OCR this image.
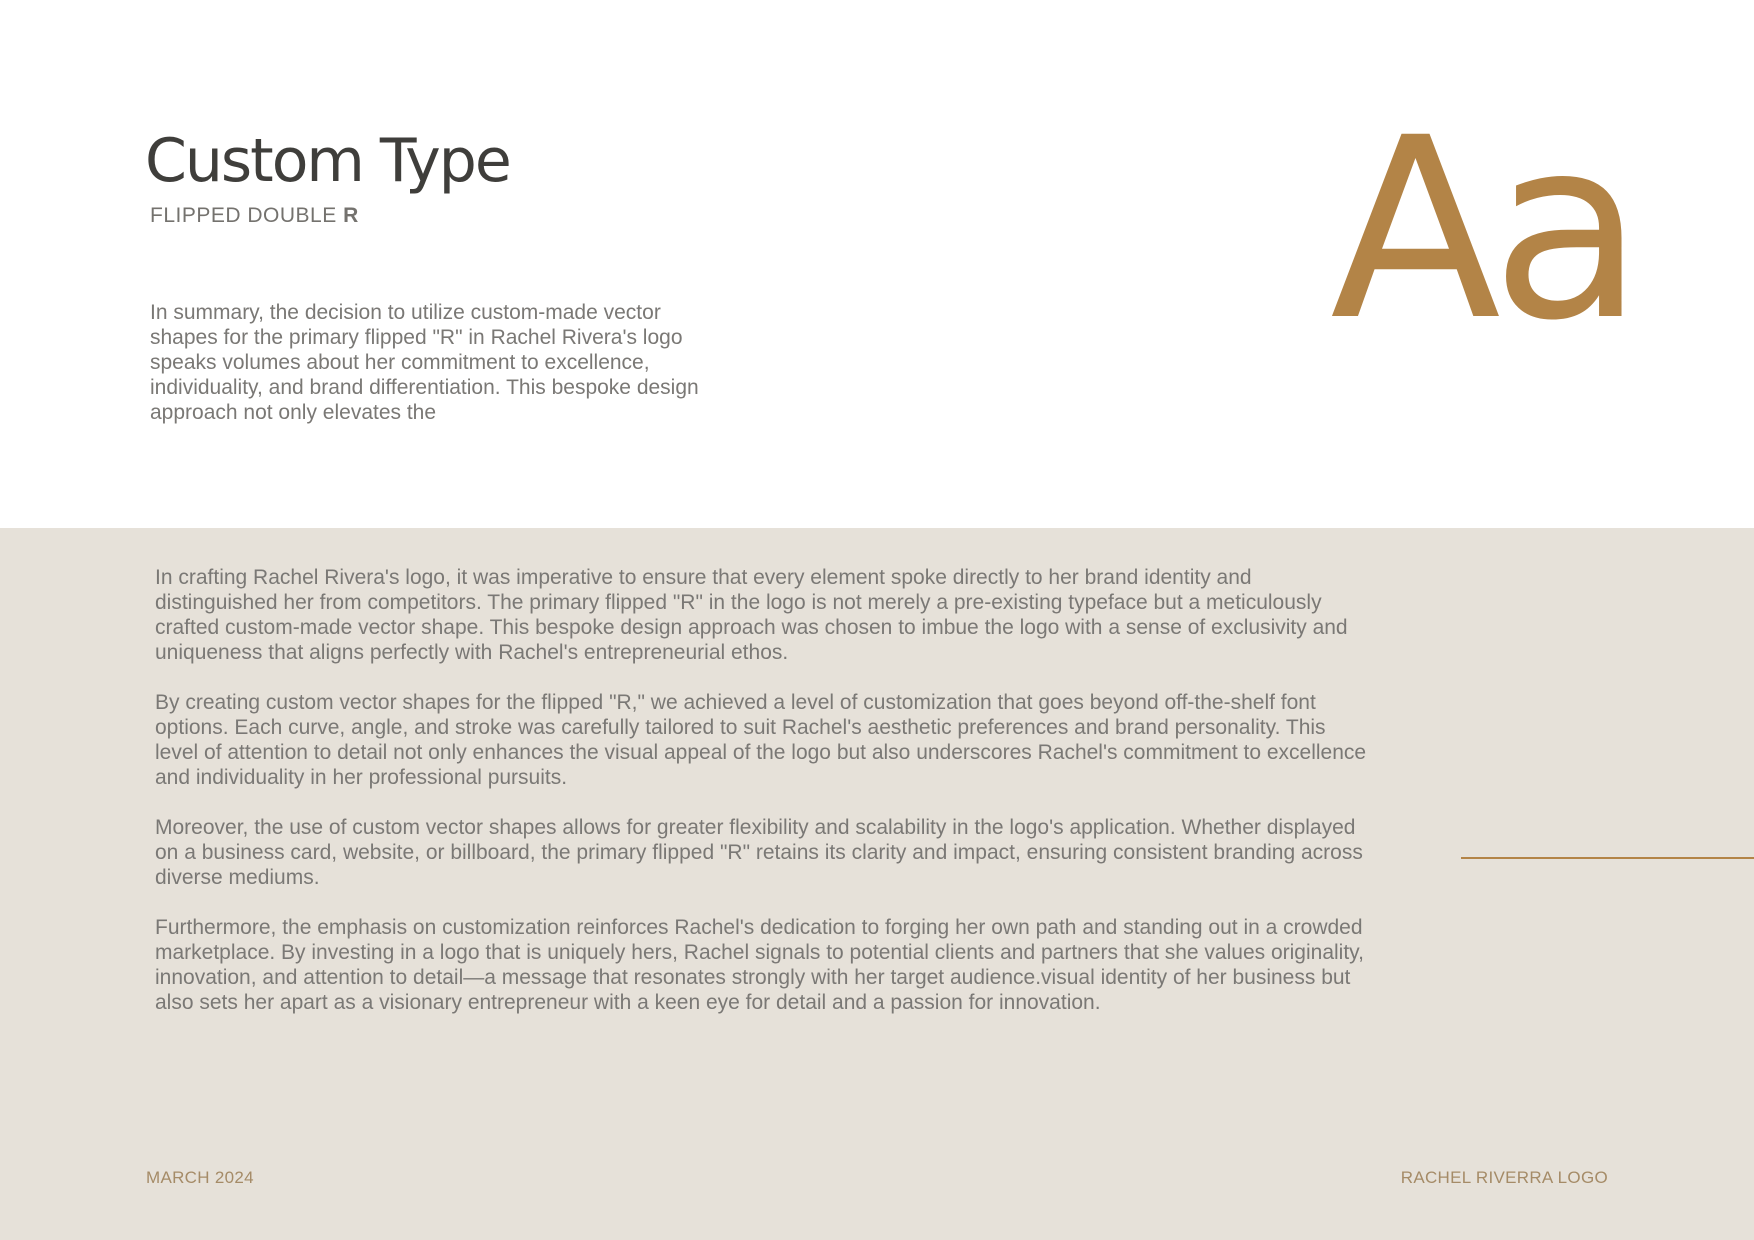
Custom Type
FLIPPED DOUBLE R

In summary, the decision to utilize custom-made vector shapes for the primary flipped "R" in Rachel Rivera's logo speaks volumes about her commitment to excellence, individuality, and brand differentiation. This bespoke design approach not only elevates the

Aa

In crafting Rachel Rivera's logo, it was imperative to ensure that every element spoke directly to her brand identity and distinguished her from competitors. The primary flipped "R" in the logo is not merely a pre-existing typeface but a meticulously crafted custom-made vector shape. This bespoke design approach was chosen to imbue the logo with a sense of exclusivity and uniqueness that aligns perfectly with Rachel's entrepreneurial ethos.

By creating custom vector shapes for the flipped "R," we achieved a level of customization that goes beyond off-the-shelf font options. Each curve, angle, and stroke was carefully tailored to suit Rachel's aesthetic preferences and brand personality. This level of attention to detail not only enhances the visual appeal of the logo but also underscores Rachel's commitment to excellence and individuality in her professional pursuits.

Moreover, the use of custom vector shapes allows for greater flexibility and scalability in the logo's application. Whether displayed on a business card, website, or billboard, the primary flipped "R" retains its clarity and impact, ensuring consistent branding across diverse mediums.

Furthermore, the emphasis on customization reinforces Rachel's dedication to forging her own path and standing out in a crowded marketplace. By investing in a logo that is uniquely hers, Rachel signals to potential clients and partners that she values originality, innovation, and attention to detail—a message that resonates strongly with her target audience.visual identity of her business but also sets her apart as a visionary entrepreneur with a keen eye for detail and a passion for innovation.

MARCH 2024	RACHEL RIVERRA LOGO
